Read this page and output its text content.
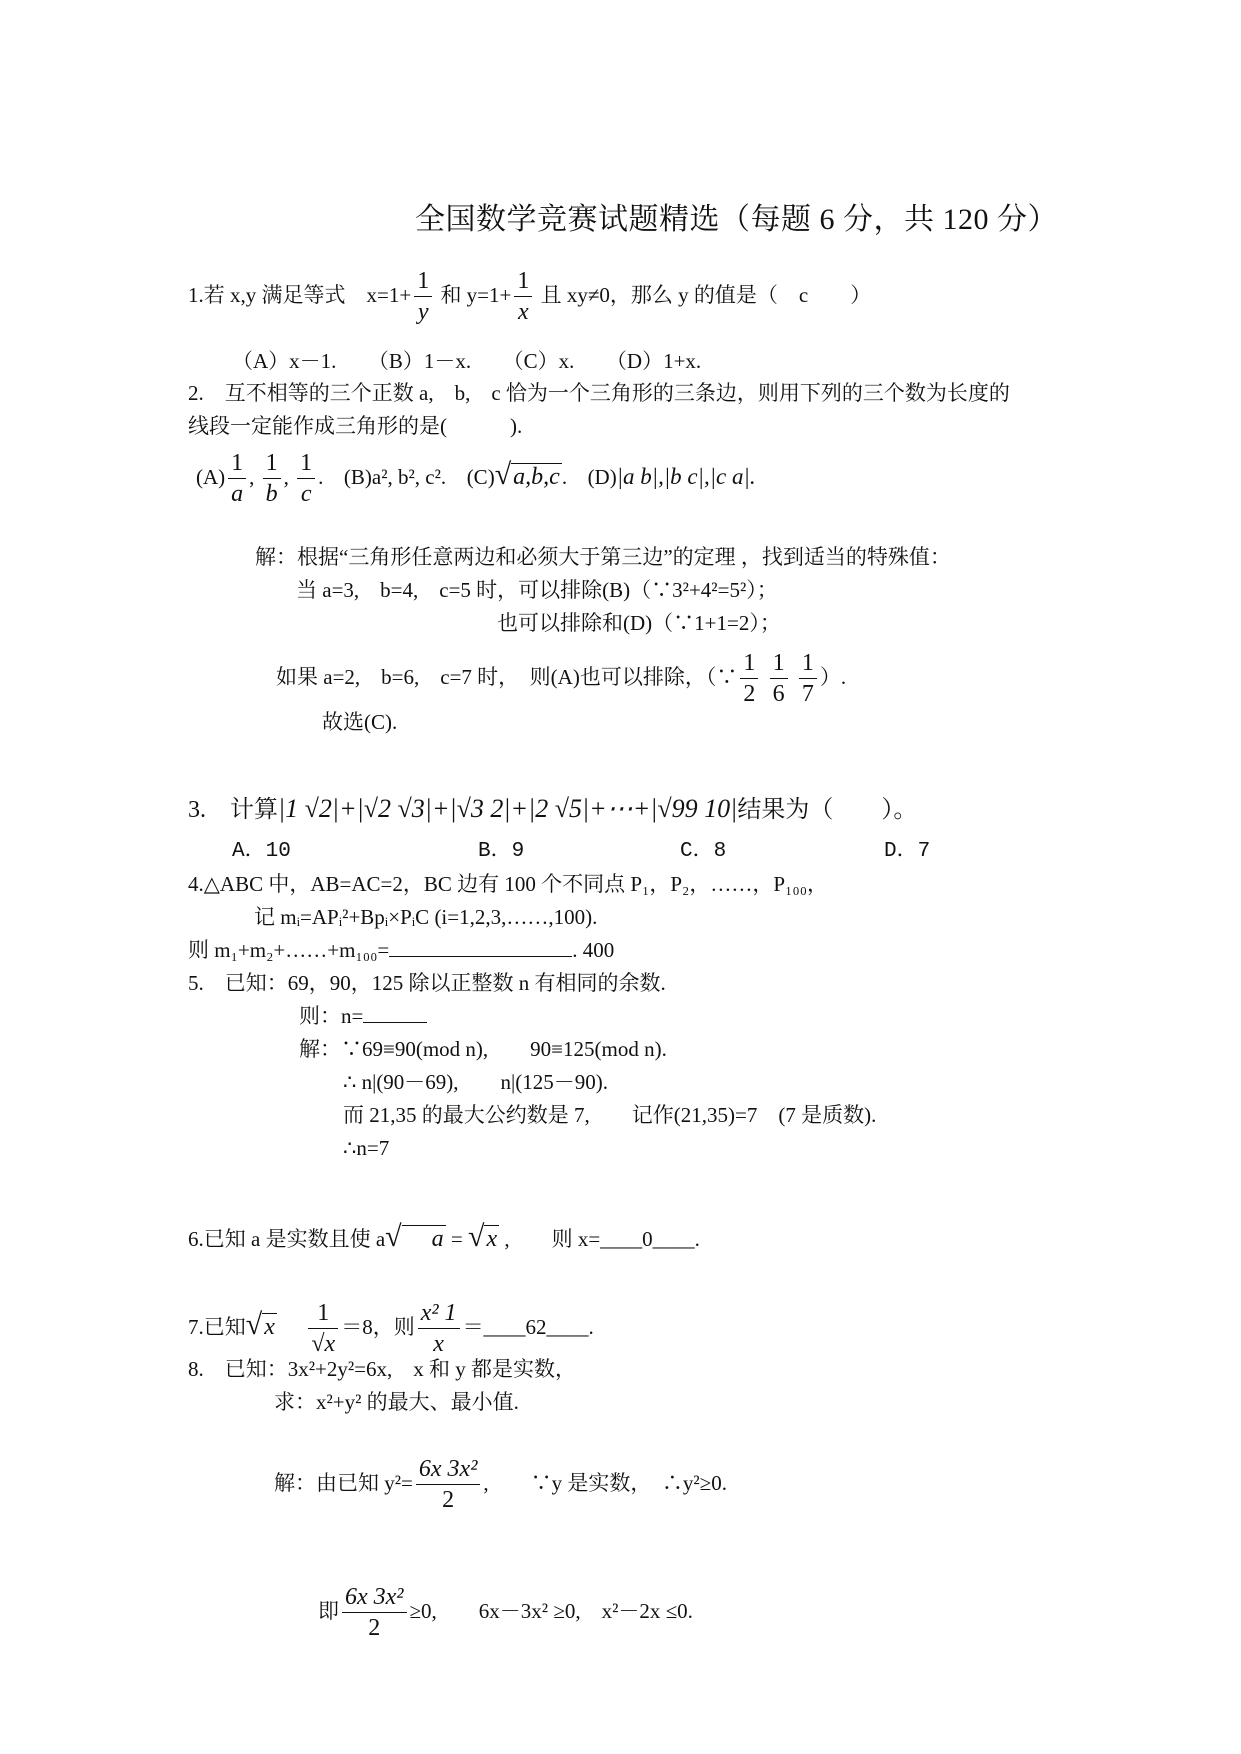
全国数学竞赛试题精选（每题 6 分，共 120 分）
1.若 x,y 满足等式　$x=1+ \frac{1}{y}$ 和 $y=1+ \frac{1}{x}$ 且 xy≠0，那么 y 的值是（　c　　）
（A）x－1.　　（B）1－x.　　（C）x.　　（D）1+x.
2.　互不相等的三个正数 a,　b,　c 恰为一个三角形的三条边，则用下列的三个数为长度的
线段一定能作成三角形的是(　　　).
$(A) \frac{1}{a}$ , $\frac{1}{b}$ , $\frac{1}{c}$ .  (B)a², b², c². (C)√a,b,c.  (D)|a b|,|b c|,|c a|.
解：根据“三角形任意两边和必须大于第三边”的定理 ，找到适当的特殊值：
当 a=3,　b=4,　c=5 时，可以排除(B)（∵3²+4²=5²）；
也可以排除和(D)（∵1+1=2）；
如果 a=2,　b=6,　c=7 时，　则(A)也可以排除，（∵ $\frac{1}{2}$
$\frac{1}{6}$
$\frac{1}{7}$ ）.
故选(C).
3.　计算|1 √2|+|√2 √3|+|√3 2|+|2 √5|+⋯+|√99 10|结果为（　　）。
A．10	B．9	C．8	D．7
4.△ABC 中，AB=AC=2，BC 边有 100 个不同点 P₁，P₂，……，P₁₀₀，
记 mᵢ=APᵢ²+Bpᵢ×PᵢC (i=1,2,3,……,100).
则 m₁+m₂+……+m₁₀₀=	. 400
5.　已知：69，90，125 除以正整数 n 有相同的余数.
则：n=
解：∵69≡90(mod n),　　90≡125(mod n).
∴ n|(90－69),　　n|(125－90).
而 21,35 的最大公约数是 7,　　记作(21,35)=7　(7 是质数).
∴n=7
6.已知 a 是实数且使 a√ a = √x ,　　则 x=____0____.
7.已知$√x \frac{1}{√x} =8$，则 $\frac{\text{x² 1}}{x}$ ＝____62____.
8.　已知：3x²+2y²=6x,　x 和 y 都是实数，
求：x²+y² 的最大、最小值.
解：由已知 $y^2= \frac{\text{6x 3x²}}{2}$ ,　　∵y 是实数，　∴y²≥0.
即 $\frac{\text{6x 3x²}}{2} \ge 0$,　　6x－3x² ≥0,　x²－2x ≤0.
